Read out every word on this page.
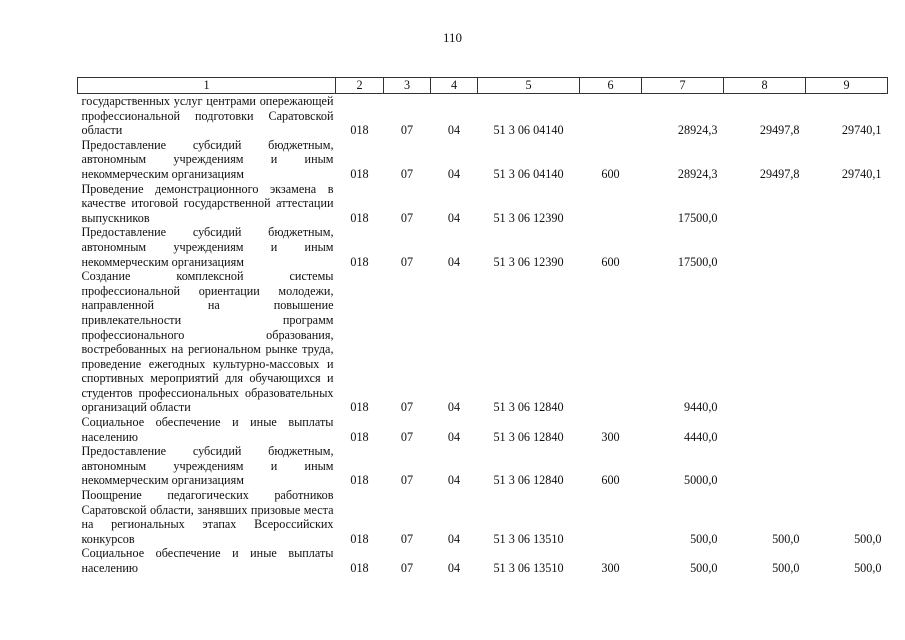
110
1	2	3	4	5	6	7	8	9
государственных услуг центрами опережающей профессиональной подготовки Саратовской области	018	07	04	51 3 06 04140		28924,3	29497,8	29740,1
Предоставление субсидий бюджетным, автономным учреждениям и иным некоммерческим организациям	018	07	04	51 3 06 04140	600	28924,3	29497,8	29740,1
Проведение демонстрационного экзамена в качестве итоговой государственной аттестации выпускников	018	07	04	51 3 06 12390		17500,0		
Предоставление субсидий бюджетным, автономным учреждениям и иным некоммерческим организациям	018	07	04	51 3 06 12390	600	17500,0		
Создание комплексной системы профессиональной ориентации молодежи, направленной на повышение привлекательности программ профессионального образования, востребованных на региональном рынке труда, проведение ежегодных культурно-массовых и спортивных мероприятий для обучающихся и студентов профессиональных образовательных организаций области	018	07	04	51 3 06 12840		9440,0		
Социальное обеспечение и иные выплаты населению	018	07	04	51 3 06 12840	300	4440,0		
Предоставление субсидий бюджетным, автономным учреждениям и иным некоммерческим организациям	018	07	04	51 3 06 12840	600	5000,0		
Поощрение педагогических работников Саратовской области, занявших призовые места на региональных этапах Всероссийских конкурсов	018	07	04	51 3 06 13510		500,0	500,0	500,0
Социальное обеспечение и иные выплаты населению	018	07	04	51 3 06 13510	300	500,0	500,0	500,0
